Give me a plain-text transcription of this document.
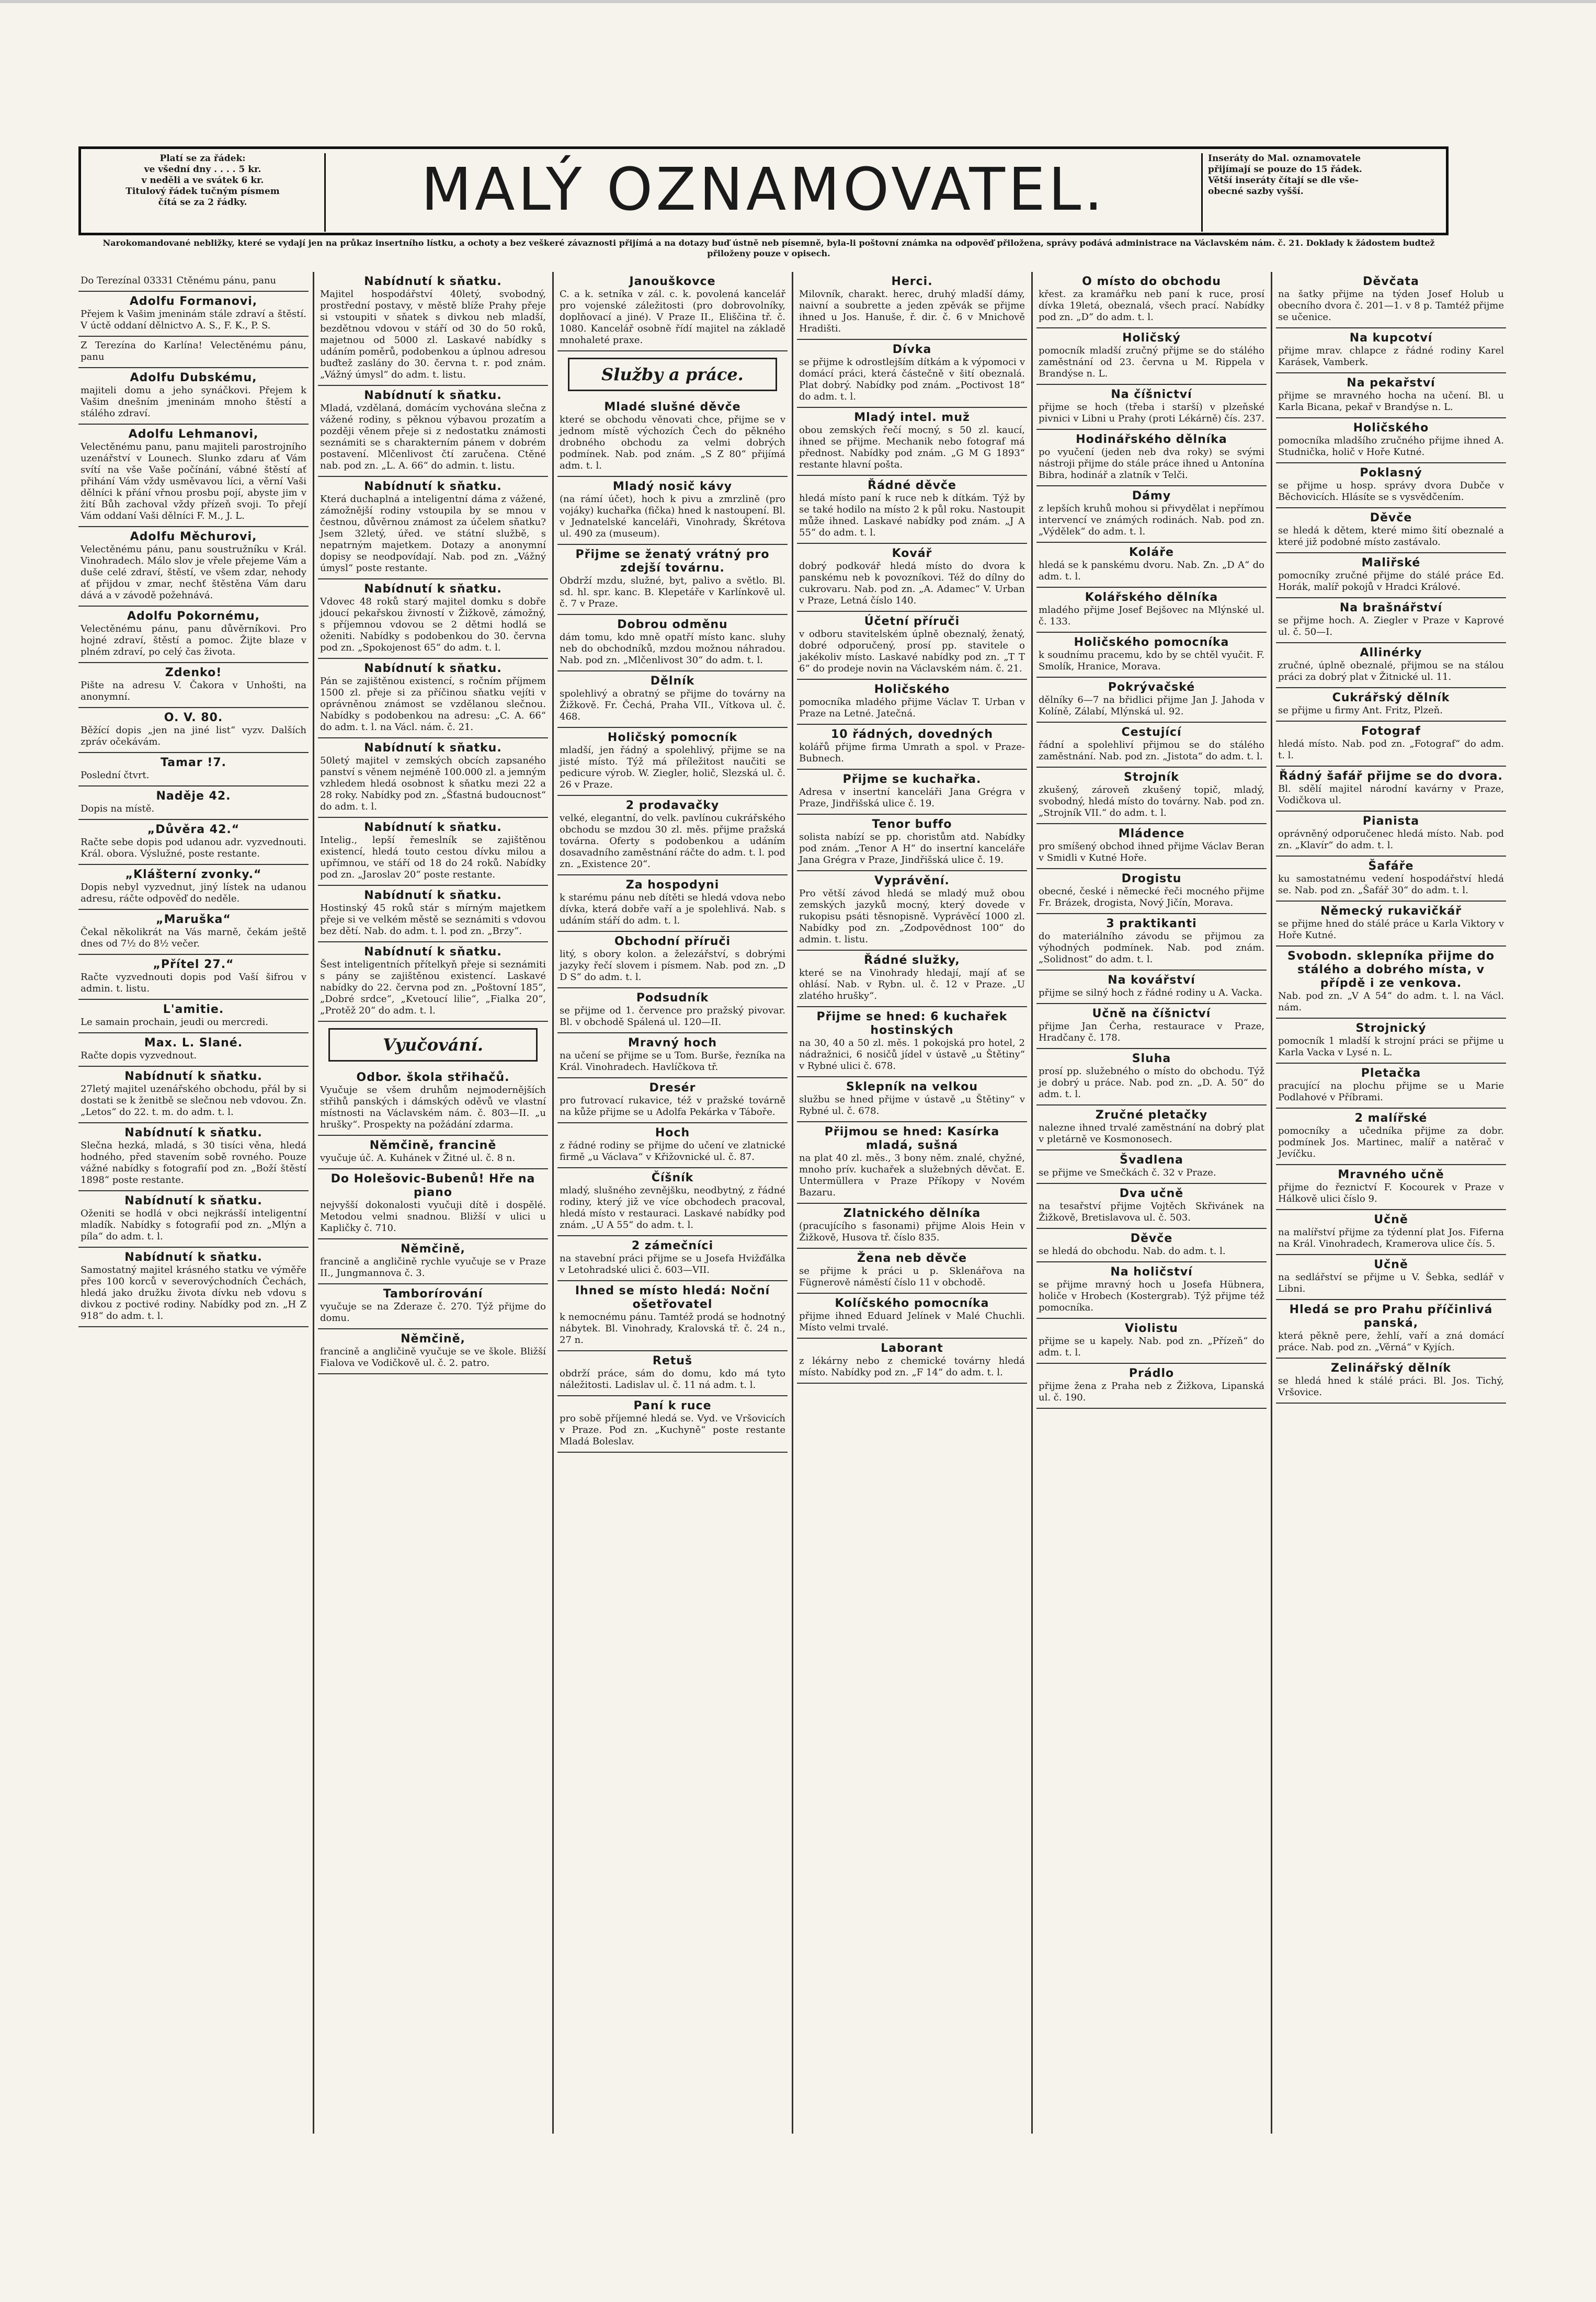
Platí se za řádek:
ve všední dny . . . . 5 kr.
v neděli a ve svátek 6 kr.
Titulový řádek tučným písmem
čítá se za 2 řádky.	MALÝ OZNAMOVATEL.	Inseráty do Mal. oznamovatele
přijímají se pouze do 15 řádek.
Větší inseráty čítají se dle vše-
obecné sazby vyšší.
Narokomandované nebližky, které se vydají jen na průkaz insertního lístku, a ochoty a bez veškeré závaznosti přijímá a na dotazy buď ústně neb písemně, byla-li poštovní známka na odpověď přiložena, správy podává administrace na Václavském nám. č. 21. Doklady k žádostem budtež přiloženy pouze v opisech.
Do Terezínal 03331 Ctěnému pánu, panu
Adolfu Formanovi,
Přejem k Vašim jmeninám stále zdraví a štěstí. V úctě oddaní dělnictvo A. S., F. K., P. S.
Z Terezína do Karlína! Velectěnému pánu, panu
Adolfu Dubskému,
majiteli domu a jeho synáčkovi. Přejem k Vašim dnešním jmeninám mnoho štěstí a stálého zdraví.
Adolfu Lehmanovi,
Velectěnému panu, panu majiteli parostrojního uzenářství v Lounech. Slunko zdaru ať Vám svítí na vše Vaše počínání, vábné štěstí ať přihání Vám vždy usměvavou líci, a věrní Vaši dělníci k přání vřnou prosbu pojí, abyste jim v žití Bůh zachoval vždy přízeň svoji. To přejí Vám oddaní Vaši dělníci F. M., J. L.
Adolfu Měchurovi,
Velectěnému pánu, panu soustružníku v Král. Vinohradech. Málo slov je vřele přejeme Vám a duše celé zdraví, štěstí, ve všem zdar, nehody ať přijdou v zmar, nechť štěstěna Vám daru dává a v závodě požehnává.
Adolfu Pokornému,
Velectěnému pánu, panu důvěrníkovi. Pro hojné zdraví, štěstí a pomoc. Žijte blaze v plném zdraví, po celý čas života.
Zdenko!
Pište na adresu V. Čakora v Unhošti, na anonymní.
O. V. 80.
Běžící dopis „jen na jiné list“ vyzv. Dalších zpráv očekávám.
Tamar !7.
Poslední čtvrt.
Naděje 42.
Dopis na místě.
„Důvěra 42.“
Račte sebe dopis pod udanou adr. vyzvednouti. Král. obora. Výslužné, poste restante.
„Klášterní zvonky.“
Dopis nebyl vyzvednut, jiný lístek na udanou adresu, ráčte odpověď do neděle.
„Maruška“
Čekal několikrát na Vás marně, čekám ještě dnes od 7½ do 8½ večer.
„Přítel 27.“
Račte vyzvednouti dopis pod Vaší šifrou v admin. t. listu.
L'amitie.
Le samain prochain, jeudi ou mercredi.
Max. L. Slané.
Račte dopis vyzvednout.
Nabídnutí k sňatku.
27letý majitel uzenářského obchodu, přál by si dostati se k ženitbě se slečnou neb vdovou. Zn. „Letos“ do 22. t. m. do adm. t. l.
Nabídnutí k sňatku.
Slečna hezká, mladá, s 30 tisíci věna, hledá hodného, před stavením sobě rovného. Pouze vážné nabídky s fotografií pod zn. „Boží štěstí 1898“ poste restante.
Nabídnutí k sňatku.
Oženiti se hodlá v obci nejkrásší inteligentní mladík. Nabídky s fotografií pod zn. „Mlýn a píla“ do adm. t. l.
Nabídnutí k sňatku.
Samostatný majitel krásného statku ve výměře přes 100 korců v severovýchodních Čechách, hledá jako družku života dívku neb vdovu s divkou z poctivé rodiny. Nabídky pod zn. „H Z 918“ do adm. t. l.
Nabídnutí k sňatku.
Majitel hospodářství 40letý, svobodný, prostřední postavy, v městě blíže Prahy přeje si vstoupiti v sňatek s divkou neb mladší, bezdětnou vdovou v stáří od 30 do 50 roků, majetnou od 5000 zl. Laskavé nabídky s udáním poměrů, podobenkou a úplnou adresou buďtež zaslány do 30. června t. r. pod znám. „Vážný úmysl“ do adm. t. listu.
Nabídnutí k sňatku.
Mladá, vzdělaná, domácím vychována slečna z vážené rodiny, s pěknou výbavou prozatím a později věnem přeje si z nedostatku známosti seznámiti se s charakterním pánem v dobrém postavení. Mlčenlivost čtí zaručena. Ctěné nab. pod zn. „L. A. 66“ do admin. t. listu.
Nabídnutí k sňatku.
Která duchaplná a inteligentní dáma z vážené, zámožnější rodiny vstoupila by se mnou v čestnou, důvěrnou známost za účelem sňatku? Jsem 32letý, úřed. ve státní službě, s nepatrným majetkem. Dotazy a anonymní dopisy se neodpovídají. Nab. pod zn. „Vážný úmysl“ poste restante.
Nabídnutí k sňatku.
Vdovec 48 roků starý majitel domku s dobře jdoucí pekařskou živností v Žižkově, zámožný, s příjemnou vdovou se 2 dětmi hodlá se oženiti. Nabídky s podobenkou do 30. června pod zn. „Spokojenost 65“ do adm. t. l.
Nabídnutí k sňatku.
Pán se zajištěnou existencí, s ročním příjmem 1500 zl. přeje si za příčinou sňatku vejíti v oprávněnou známost se vzdělanou slečnou. Nabídky s podobenkou na adresu: „C. A. 66“ do adm. t. l. na Václ. nám. č. 21.
Nabídnutí k sňatku.
50letý majitel v zemských obcích zapsaného panství s věnem nejméně 100.000 zl. a jemným vzhledem hledá osobnost k sňatku mezi 22 a 28 roky. Nabídky pod zn. „Šťastná budoucnost“ do adm. t. l.
Nabídnutí k sňatku.
Intelig., lepší řemeslník se zajištěnou existencí, hledá touto cestou dívku milou a upřímnou, ve stáří od 18 do 24 roků. Nabídky pod zn. „Jaroslav 20“ poste restante.
Nabídnutí k sňatku.
Hostinský 45 roků stár s mírným majetkem přeje si ve velkém městě se seznámiti s vdovou bez dětí. Nab. do adm. t. l. pod zn. „Brzy“.
Nabídnutí k sňatku.
Šest inteligentních přítelkyň přeje si seznámiti s pány se zajištěnou existencí. Laskavé nabídky do 22. června pod zn. „Poštovní 185“, „Dobré srdce“, „Kvetoucí lilie“, „Fialka 20“, „Protěž 20“ do adm. t. l.
Vyučování.
Odbor. škola střihačů.
Vyučuje se všem druhům nejmodernějších střihů panských i dámských oděvů ve vlastní místnosti na Václavském nám. č. 803—II. „u hrušky“. Prospekty na požádání zdarma.
Němčině, francině
vyučuje úč. A. Kuhánek v Žitné ul. č. 8 n.
Do Holešovic-Bubenů! Hře na piano
nejvyšší dokonalosti vyučuji dítě i dospělé. Metodou velmi snadnou. Bližší v ulici u Kapličky č. 710.
Němčině,
francině a angličině rychle vyučuje se v Praze II., Jungmannova č. 3.
Tamborírování
vyučuje se na Zderaze č. 270. Týž přijme do domu.
Němčině,
francině a angličině vyučuje se ve škole. Bližší Fialova ve Vodičkově ul. č. 2. patro.
Janouškovce
C. a k. setníka v zál. c. k. povolená kancelář pro vojenské záležitosti (pro dobrovolníky, doplňovací a jiné). V Praze II., Eliščina tř. č. 1080. Kancelář osobně řídí majitel na základě mnohaleté praxe.
Služby a práce.
Mladé slušné děvče
které se obchodu věnovati chce, přijme se v jednom místě výchozích Čech do pěkného drobného obchodu za velmi dobrých podmínek. Nab. pod znám. „S Z 80“ přijímá adm. t. l.
Mladý nosič kávy
(na rámí účet), hoch k pivu a zmrzlině (pro vojáky) kuchařka (fička) hned k nastoupení. Bl. v Jednatelské kanceláři, Vinohrady, Škrétova ul. 490 za (museum).
Přijme se ženatý vrátný pro zdejší továrnu.
Obdrží mzdu, služné, byt, palivo a světlo. Bl. sd. hl. spr. kanc. B. Klepetáře v Karlínkově ul. č. 7 v Praze.
Dobrou odměnu
dám tomu, kdo mně opatří místo kanc. sluhy neb do obchodníků, mzdou možnou náhradou. Nab. pod zn. „Mlčenlivost 30“ do adm. t. l.
Dělník
spolehlivý a obratný se přijme do továrny na Žižkově. Fr. Čechá, Praha VII., Vítkova ul. č. 468.
Holičský pomocník
mladší, jen řádný a spolehlivý, přijme se na jisté místo. Týž má příležitost naučiti se pedicure výrob. W. Ziegler, holič, Slezská ul. č. 26 v Praze.
2 prodavačky
velké, elegantní, do velk. pavlínou cukrářského obchodu se mzdou 30 zl. měs. přijme pražská továrna. Oferty s podobenkou a udáním dosavadního zaměstnání ráčte do adm. t. l. pod zn. „Existence 20“.
Za hospodyni
k starému pánu neb dítěti se hledá vdova nebo dívka, která dobře vaří a je spolehlivá. Nab. s udáním stáří do adm. t. l.
Obchodní příruči
litý, s obory kolon. a železářství, s dobrými jazyky řečí slovem i písmem. Nab. pod zn. „D D S“ do adm. t. l.
Podsudník
se přijme od 1. července pro pražský pivovar. Bl. v obchodě Spálená ul. 120—II.
Mravný hoch
na učení se přijme se u Tom. Burše, řezníka na Král. Vinohradech. Havlíčkova tř.
Dresér
pro futrovací rukavice, též v pražské továrně na kůže přijme se u Adolfa Pekárka v Táboře.
Hoch
z řádné rodiny se přijme do učení ve zlatnické firmě „u Václava“ v Křižovnické ul. č. 87.
Číšník
mladý, slušného zevnějšku, neodbytný, z řádné rodiny, který již ve více obchodech pracoval, hledá místo v restauraci. Laskavé nabídky pod znám. „U A 55“ do adm. t. l.
2 zámečníci
na stavební práci přijme se u Josefa Hvižďálka v Letohradské ulici č. 603—VII.
Ihned se místo hledá: Noční ošetřovatel
k nemocnému pánu. Tamtéž prodá se hodnotný nábytek. Bl. Vinohrady, Kralovská tř. č. 24 n., 27 n.
Retuš
obdrží práce, sám do domu, kdo má tyto náležitosti. Ladislav ul. č. 11 ná adm. t. l.
Paní k ruce
pro sobě příjemné hledá se. Vyd. ve Vršovicích v Praze. Pod zn. „Kuchyně“ poste restante Mladá Boleslav.
Herci.
Milovník, charakt. herec, druhý mladší dámy, naivní a soubrette a jeden zpěvák se přijme ihned u Jos. Hanuše, ř. dir. č. 6 v Mnichově Hradišti.
Dívka
se přijme k odrostlejším dítkám a k výpomoci v domácí práci, která částečně v šití obeznalá. Plat dobrý. Nabídky pod znám. „Poctivost 18“ do adm. t. l.
Mladý intel. muž
obou zemských řečí mocný, s 50 zl. kaucí, ihned se přijme. Mechanik nebo fotograf má přednost. Nabídky pod znám. „G M G 1893“ restante hlavní pošta.
Řádné děvče
hledá místo paní k ruce neb k dítkám. Týž by se také hodilo na místo 2 k půl roku. Nastoupit může ihned. Laskavé nabídky pod znám. „J A 55“ do adm. t. l.
Kovář
dobrý podkovář hledá místo do dvora k panskému neb k povozníkovi. Též do dílny do cukrovaru. Nab. pod zn. „A. Adamec“ V. Urban v Praze, Letná číslo 140.
Účetní příruči
v odboru stavitelském úplně obeznalý, ženatý, dobré odporučený, prosí pp. stavitele o jakékoliv místo. Laskavé nabídky pod zn. „T T 6“ do prodeje novin na Václavském nám. č. 21.
Holičského
pomocníka mladého přijme Václav T. Urban v Praze na Letné. Jatečná.
10 řádných, dovedných
kolářů přijme firma Umrath a spol. v Praze-Bubnech.
Přijme se kuchařka.
Adresa v insertní kanceláři Jana Grégra v Praze, Jindřišská ulice č. 19.
Tenor buffo
solista nabízí se pp. choristům atd. Nabídky pod znám. „Tenor A H“ do insertní kanceláře Jana Grégra v Praze, Jindřišská ulice č. 19.
Vyprávění.
Pro větší závod hledá se mladý muž obou zemských jazyků mocný, který dovede v rukopisu psáti těsnopisně. Vyprávěcí 1000 zl. Nabídky pod zn. „Zodpovědnost 100“ do admin. t. listu.
Řádné služky,
které se na Vinohrady hledají, mají ať se ohlásí. Nab. v Rybn. ul. č. 12 v Praze. „U zlatého hrušky“.
Přijme se hned: 6 kuchařek hostinských
na 30, 40 a 50 zl. měs. 1 pokojská pro hotel, 2 nádražnici, 6 nosičů jídel v ústavě „u Štětiny“ v Rybné ulici č. 678.
Sklepník na velkou
službu se hned přijme v ústavě „u Štětiny“ v Rybné ul. č. 678.
Přijmou se hned: Kasírka mladá, sušná
na plat 40 zl. měs., 3 bony něm. znalé, chyžné, mnoho prív. kuchařek a služebných děvčat. E. Untermüllera v Praze Příkopy v Novém Bazaru.
Zlatnického dělníka
(pracujícího s fasonami) přijme Alois Hein v Žižkově, Husova tř. číslo 835.
Žena neb děvče
se přijme k práci u p. Sklenářova na Fügnerově náměstí číslo 11 v obchodě.
Kolíčského pomocníka
přijme ihned Eduard Jelínek v Malé Chuchli. Místo velmi trvalé.
Laborant
z lékárny nebo z chemické továrny hledá místo. Nabídky pod zn. „F 14“ do adm. t. l.
O místo do obchodu
křest. za kramářku neb paní k ruce, prosí dívka 19letá, obeznalá, všech prací. Nabídky pod zn. „D“ do adm. t. l.
Holičský
pomocník mladší zručný přijme se do stálého zaměstnání od 23. června u M. Rippela v Brandýse n. L.
Na číšnictví
přijme se hoch (třeba i starší) v plzeňské pivnici v Libni u Prahy (proti Lékárně) čís. 237.
Hodinářského dělníka
po vyučení (jeden neb dva roky) se svými nástroji přijme do stále práce ihned u Antonína Bibra, hodinář a zlatník v Telči.
Dámy
z lepších kruhů mohou si přivydělat i nepřímou intervencí ve známých rodinách. Nab. pod zn. „Výdělek“ do adm. t. l.
Koláře
hledá se k panskému dvoru. Nab. Zn. „D A“ do adm. t. l.
Kolářského dělníka
mladého přijme Josef Bejšovec na Mlýnské ul. č. 133.
Holičského pomocníka
k soudnímu pracemu, kdo by se chtěl vyučit. F. Smolík, Hranice, Morava.
Pokrývačské
dělníky 6—7 na břidlici přijme Jan J. Jahoda v Kolíně, Zálabí, Mlýnská ul. 92.
Cestující
řádní a spolehliví přijmou se do stálého zaměstnání. Nab. pod zn. „Jistota“ do adm. t. l.
Strojník
zkušený, zároveň zkušený topič, mladý, svobodný, hledá místo do továrny. Nab. pod zn. „Strojník VII.“ do adm. t. l.
Mládence
pro smíšený obchod ihned přijme Václav Beran v Smidli v Kutné Hoře.
Drogistu
obecné, české i německé řeči mocného přijme Fr. Brázek, drogista, Nový Jičín, Morava.
3 praktikanti
do materiálního závodu se přijmou za výhodných podmínek. Nab. pod znám. „Solidnost“ do adm. t. l.
Na kovářství
přijme se silný hoch z řádné rodiny u A. Vacka.
Učně na číšnictví
přijme Jan Čerha, restaurace v Praze, Hradčany č. 178.
Sluha
prosí pp. služebného o místo do obchodu. Týž je dobrý u práce. Nab. pod zn. „D. A. 50“ do adm. t. l.
Zručné pletačky
nalezne ihned trvalé zaměstnání na dobrý plat v pletárně ve Kosmonosech.
Švadlena
se přijme ve Smečkách č. 32 v Praze.
Dva učně
na tesařství přijme Vojtěch Skřivánek na Žižkově, Bretislavova ul. č. 503.
Děvče
se hledá do obchodu. Nab. do adm. t. l.
Na holičství
se přijme mravný hoch u Josefa Hübnera, holiče v Hrobech (Kostergrab). Týž přijme též pomocníka.
Violistu
přijme se u kapely. Nab. pod zn. „Přízeň“ do adm. t. l.
Prádlo
přijme žena z Praha neb z Žižkova, Lipanská ul. č. 190.
Děvčata
na šatky přijme na týden Josef Holub u obecního dvora č. 201—1. v 8 p. Tamtéž přijme se učenice.
Na kupcotví
přijme mrav. chlapce z řádné rodiny Karel Karásek, Vamberk.
Na pekařství
přijme se mravného hocha na učení. Bl. u Karla Bicana, pekař v Brandýse n. L.
Holičského
pomocníka mladšího zručného přijme ihned A. Studnička, holič v Hoře Kutné.
Poklasný
se přijme u hosp. správy dvora Dubče v Běchovicích. Hlásíte se s vysvědčením.
Děvče
se hledá k dětem, které mimo šití obeznalé a které již podobné místo zastávalo.
Maliřské
pomocníky zručné přijme do stálé práce Ed. Horák, malíř pokojů v Hradci Králové.
Na brašnářství
se přijme hoch. A. Ziegler v Praze v Kaprové ul. č. 50—I.
Allinérky
zručné, úplně obeznalé, přijmou se na stálou práci za dobrý plat v Žitnické ul. 11.
Cukrářský dělník
se přijme u firmy Ant. Fritz, Plzeň.
Fotograf
hledá místo. Nab. pod zn. „Fotograf“ do adm. t. l.
Řádný šafář přijme se do dvora.
Bl. sdělí majitel národní kavárny v Praze, Vodičkova ul.
Pianista
oprávněný odporučenec hledá místo. Nab. pod zn. „Klavír“ do adm. t. l.
Šafáře
ku samostatnému vedení hospodářství hledá se. Nab. pod zn. „Šafář 30“ do adm. t. l.
Německý rukavičkář
se přijme hned do stálé práce u Karla Viktory v Hoře Kutné.
Svobodn. sklepníka přijme do stálého a dobrého místa, v přípdě i ze venkova.
Nab. pod zn. „V A 54“ do adm. t. l. na Václ. nám.
Strojnický
pomocník 1 mladší k strojní práci se přijme u Karla Vacka v Lysé n. L.
Pletačka
pracující na plochu přijme se u Marie Podlahové v Příbrami.
2 malířské
pomocníky a učedníka přijme za dobr. podmínek Jos. Martinec, malíř a natěrač v Jevíčku.
Mravného učně
přijme do řeznictví F. Kocourek v Praze v Hálkově ulici číslo 9.
Učně
na malířství přijme za týdenní plat Jos. Fiferna na Král. Vinohradech, Kramerova ulice čís. 5.
Učně
na sedlářství se přijme u V. Šebka, sedlář v Libni.
Hledá se pro Prahu příčinlivá panská,
která pěkně pere, žehlí, vaří a zná domácí práce. Nab. pod zn. „Věrná“ v Kyjích.
Zelinářský dělník
se hledá hned k stálé práci. Bl. Jos. Tichý, Vršovice.
